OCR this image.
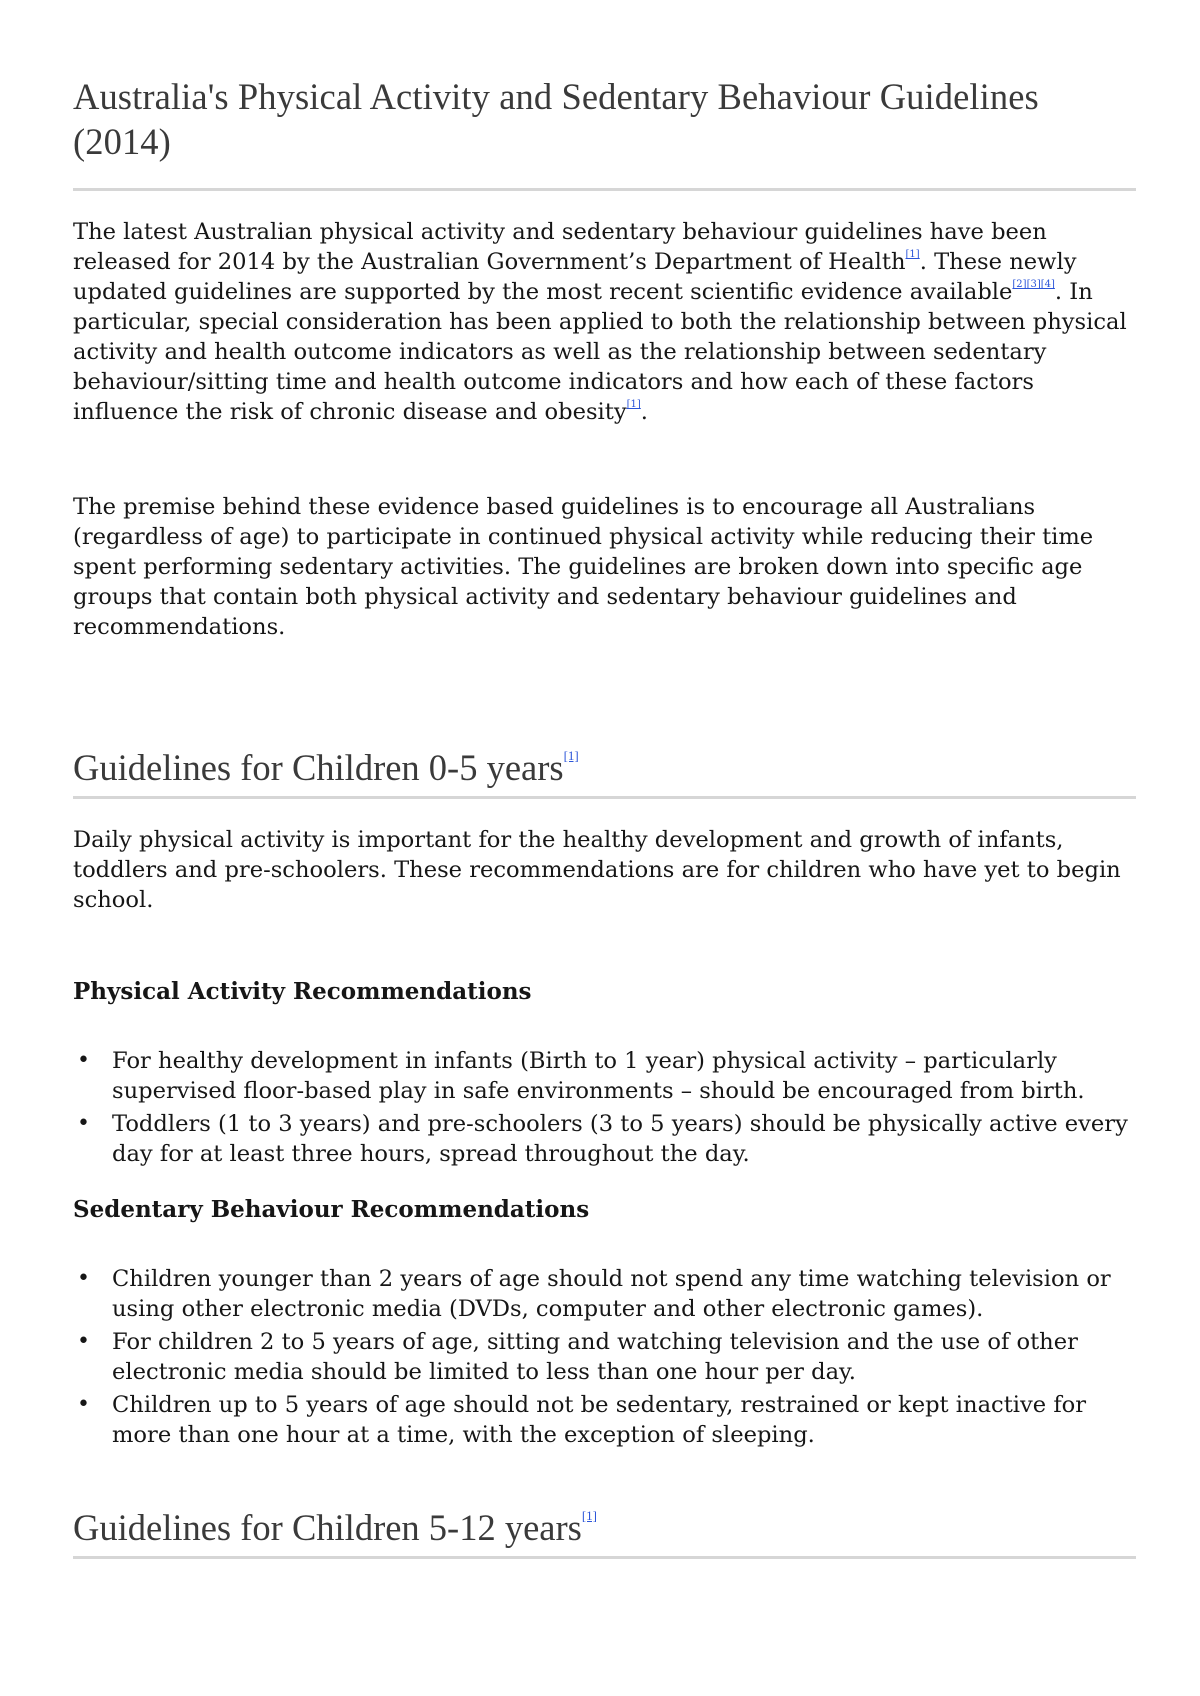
Australia's Physical Activity and Sedentary Behaviour Guidelines (2014)

The latest Australian physical activity and sedentary behaviour guidelines have been released for 2014 by the Australian Government’s Department of Health[1]. These newly updated guidelines are supported by the most recent scientific evidence available[2][3][4]. In particular, special consideration has been applied to both the relationship between physical activity and health outcome indicators as well as the relationship between sedentary behaviour/sitting time and health outcome indicators and how each of these factors influence the risk of chronic disease and obesity[1].

The premise behind these evidence based guidelines is to encourage all Australians (regardless of age) to participate in continued physical activity while reducing their time spent performing sedentary activities. The guidelines are broken down into specific age groups that contain both physical activity and sedentary behaviour guidelines and recommendations.

Guidelines for Children 0-5 years[1]

Daily physical activity is important for the healthy development and growth of infants, toddlers and pre-schoolers. These recommendations are for children who have yet to begin school.

Physical Activity Recommendations
• For healthy development in infants (Birth to 1 year) physical activity – particularly supervised floor-based play in safe environments – should be encouraged from birth.
• Toddlers (1 to 3 years) and pre-schoolers (3 to 5 years) should be physically active every day for at least three hours, spread throughout the day.
Sedentary Behaviour Recommendations
• Children younger than 2 years of age should not spend any time watching television or using other electronic media (DVDs, computer and other electronic games).
• For children 2 to 5 years of age, sitting and watching television and the use of other electronic media should be limited to less than one hour per day.
• Children up to 5 years of age should not be sedentary, restrained or kept inactive for more than one hour at a time, with the exception of sleeping.
Guidelines for Children 5-12 years[1]
